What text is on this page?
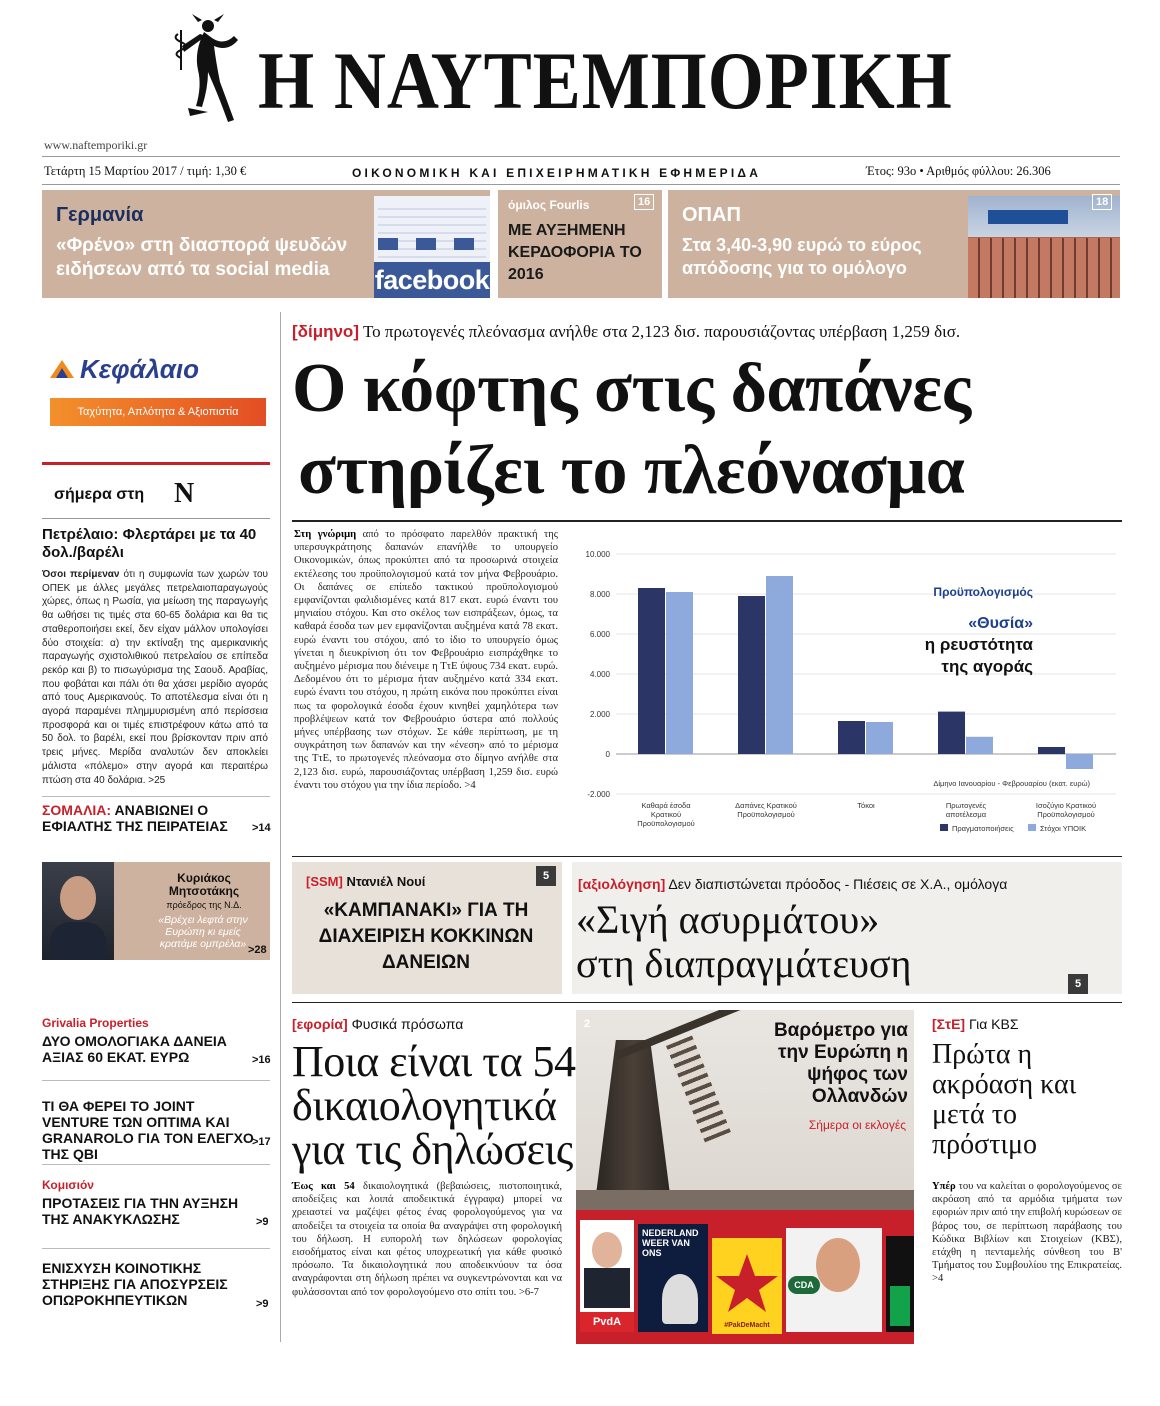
Η ΝΑΥΤΕΜΠΟΡΙΚΗ
www.naftemporiki.gr
Τετάρτη 15 Μαρτίου 2017 / τιμή: 1,30 €	ΟΙΚΟΝΟΜΙΚΗ ΚΑΙ ΕΠΙΧΕΙΡΗΜΑΤΙΚΗ ΕΦΗΜΕΡΙΔΑ	Έτος: 93ο • Αριθμός φύλλου: 26.306
Γερμανία
«Φρένο» στη διασπορά ψευδών ειδήσεων από τα social media	facebook
όμιλος Fourlis	16
ΜΕ ΑΥΞΗΜΕΝΗ ΚΕΡΔΟΦΟΡΙΑ ΤΟ 2016
ΟΠΑΠ
Στα 3,40-3,90 ευρώ το εύρος απόδοσης για το ομόλογο
18
Κεφάλαιο
Ταχύτητα, Απλότητα & Αξιοπιστία
σήμερα στη N
Πετρέλαιο: Φλερτάρει με τα 40 δολ./βαρέλι
Όσοι περίμεναν ότι η συμφωνία των χωρών του ΟΠΕΚ με άλλες μεγάλες πετρελαιοπαραγωγούς χώρες, όπως η Ρωσία, για μείωση της παραγωγής θα ωθήσει τις τιμές στα 60-65 δολάρια και θα τις σταθεροποιήσει εκεί, δεν είχαν μάλλον υπολογίσει δύο στοιχεία: α) την εκτίναξη της αμερικανικής παραγωγής σχιστολιθικού πετρελαίου σε επίπεδα ρεκόρ και β) το πισωγύρισμα της Σαουδ. Αραβίας, που φοβάται και πάλι ότι θα χάσει μερίδιο αγοράς από τους Αμερικανούς. Το αποτέλεσμα είναι ότι η αγορά παραμένει πλημμυρισμένη από περίσσεια προσφορά και οι τιμές επιστρέφουν κάτω από τα 50 δολ. το βαρέλι, εκεί που βρίσκονταν πριν από τρεις μήνες. Μερίδα αναλυτών δεν αποκλείει μάλιστα «πόλεμο» στην αγορά και περαιτέρω πτώση στα 40 δολάρια. >25
ΣΟΜΑΛΙΑ: ΑΝΑΒΙΩΝΕΙ Ο ΕΦΙΑΛΤΗΣ ΤΗΣ ΠΕΙΡΑΤΕΙΑΣ	>14
Κυριάκος Μητσοτάκης
πρόεδρος της Ν.Δ.
«Βρέχει λεφτά στην Ευρώπη κι εμείς κρατάμε ομπρέλα» >28
Grivalia Properties
ΔΥΟ ΟΜΟΛΟΓΙΑΚΑ ΔΑΝΕΙΑ ΑΞΙΑΣ 60 ΕΚΑΤ. ΕΥΡΩ	>16
ΤΙ ΘΑ ΦΕΡΕΙ ΤΟ JOINT VENTURE ΤΩΝ ΟΠΤΙΜΑ ΚΑΙ GRANAROLO ΓΙΑ ΤΟΝ ΕΛΕΓΧΟ ΤΗΣ QBI
>17
Κομισιόν
ΠΡΟΤΑΣΕΙΣ ΓΙΑ ΤΗΝ ΑΥΞΗΣΗ ΤΗΣ ΑΝΑΚΥΚΛΩΣΗΣ	>9
ΕΝΙΣΧΥΣΗ ΚΟΙΝΟΤΙΚΗΣ ΣΤΗΡΙΞΗΣ ΓΙΑ ΑΠΟΣΥΡΣΕΙΣ ΟΠΩΡΟΚΗΠΕΥΤΙΚΩΝ	>9
[δίμηνο] Το πρωτογενές πλεόνασμα ανήλθε στα 2,123 δισ. παρουσιάζοντας υπέρβαση 1,259 δισ.
Ο κόφτης στις δαπάνες
στηρίζει το πλεόνασμα
Στη γνώριμη από το πρόσφατο παρελθόν πρακτική της υπερσυγκράτησης δαπανών επανήλθε το υπουργείο Οικονομικών, όπως προκύπτει από τα προσωρινά στοιχεία εκτέλεσης του προϋπολογισμού κατά τον μήνα Φεβρουάριο. Οι δαπάνες σε επίπεδο τακτικού προϋπολογισμού εμφανίζονται φαλιδισμένες κατά 817 εκατ. ευρώ έναντι του μηνιαίου στόχου. Και στο σκέλος των εισπράξεων, όμως, τα καθαρά έσοδα των μεν εμφανίζονται αυξημένα κατά 78 εκατ. ευρώ έναντι του στόχου, από το ίδιο το υπουργείο όμως γίνεται η διευκρίνιση ότι τον Φεβρουάριο εισπράχθηκε το αυξημένο μέρισμα που διένειμε η ΤτΕ ύψους 734 εκατ. ευρώ. Δεδομένου ότι το μέρισμα ήταν αυξημένο κατά 334 εκατ. ευρώ έναντι του στόχου, η πρώτη εικόνα που προκύπτει είναι πως τα φορολογικά έσοδα έχουν κινηθεί χαμηλότερα των προβλέψεων κατά τον Φεβρουάριο ύστερα από πολλούς μήνες υπέρβασης των στόχων. Σε κάθε περίπτωση, με τη συγκράτηση των δαπανών και την «ένεση» από το μέρισμα της ΤτΕ, το πρωτογενές πλεόνασμα στο δίμηνο ανήλθε στα 2,123 δισ. ευρώ, παρουσιάζοντας υπέρβαση 1,259 δισ. ευρώ έναντι του στόχου για την ίδια περίοδο. >4
10.000
8.000
6.000
4.000
2.000
0
-2.000
Καθαρά έσοδα Κρατικού Προϋπολογισμού
Δαπάνες Κρατικού Προϋπολογισμού
Τόκοι	Πρωτογενές αποτέλεσμα
Ισοζύγιο Κρατικού Προϋπολογισμού
Προϋπολογισμός
«Θυσία»
η ρευστότητα
της αγοράς
Δίμηνο Ιανουαρίου - Φεβρουαρίου (εκατ. ευρώ)
Πραγματοποιήσεις	Στόχοι ΥΠΟΙΚ
[SSM] Ντανιέλ Νουί
«ΚΑΜΠΑΝΑΚΙ» ΓΙΑ ΤΗ ΔΙΑΧΕΙΡΙΣΗ ΚΟΚΚΙΝΩΝ ΔΑΝΕΙΩΝ
5	[αξιολόγηση] Δεν διαπιστώνεται πρόοδος - Πιέσεις σε Χ.Α., ομόλογα
«Σιγή ασυρμάτου»
στη διαπραγμάτευση	5
[εφορία] Φυσικά πρόσωπα
Ποια είναι τα 54
δικαιολογητικά
για τις δηλώσεις
Έως και 54 δικαιολογητικά (βεβαιώσεις, πιστοποιητικά, αποδείξεις και λοιπά αποδεικτικά έγγραφα) μπορεί να χρειαστεί να μαζέψει φέτος ένας φορολογούμενος για να αποδείξει τα στοιχεία τα οποία θα αναγράψει στη φορολογική του δήλωση. Η ευπορολή των δηλώσεων φορολογίας εισοδήματος είναι και φέτος υποχρεωτική για κάθε φυσικό πρόσωπο. Τα δικαιολογητικά που αποδεικνύουν τα όσα αναγράφονται στη δήλωση πρέπει να συγκεντρώνονται και να φυλάσσονται από τον φορολογούμενο στο σπίτι του. >6-7
2	Βαρόμετρο για την Ευρώπη η ψήφος των Ολλανδών
Σήμερα οι εκλογές
PvdA
NEDERLAND WEER VAN ONS
#PakDeMacht
CDA
[ΣτΕ] Για ΚΒΣ
Πρώτα η ακρόαση και μετά το πρόστιμο
Υπέρ του να καλείται ο φορολογούμενος σε ακρόαση από τα αρμόδια τμήματα των εφοριών πριν από την επιβολή κυρώσεων σε βάρος του, σε περίπτωση παράβασης του Κώδικα Βιβλίων και Στοιχείων (ΚΒΣ), ετάχθη η πενταμελής σύνθεση του Β' Τμήματος του Συμβουλίου της Επικρατείας. >4
